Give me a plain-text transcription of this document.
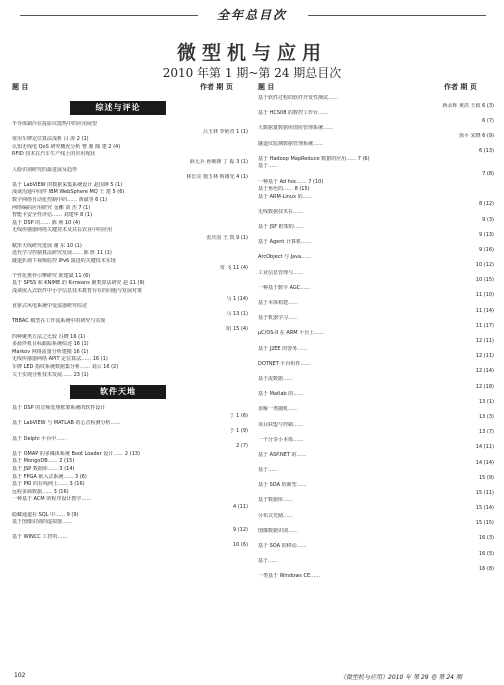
全年总目次
微型机与应用
2010 年第 1 期~第 24 期总目次
题 目	作者 期 页	题 目	作者 期 页
综述与评论
半导体制冷在投影仪散热中的应用展望
吕玉林 李艳青 1 (1)
常用车牌定位算法浅析 吕 涛 2 (1)
认知无线电 QoS 研究概况分析 曹 鼎 陶 建 2 (4)
RFID 技术在汽车生产线上的应用现状
薛元兵 孙砚锋 丁 振 3 (1)
人脸识别研究的最进展及趋势
林长亮 施玉林 蔡雄光 4 (1)
基于 LabVIEW 的数据采集系统设计 赵国锋 5 (1)
浅谈沟通中间件 IBM WebSphere MQ 王 建 5 (6)
数字网络自动化控制中的…… 黄斌等 6 (1)
网络编码应用研究 金鹏 刘 杰 7 (1)
智能卡安全性评估…… 刘建华 8 (1)
基于 DSP 的…… 陈 利 10 (4)
无线传感器网络关键技术及其在农业中的应用
张庆国 王 凯 9 (1)
赋形天线研究进展 谢 东 10 (1)
迭代学习控制算法研究发展…… 陈 胜 11 (1)
隧道扒刻下视频监控 IPv6 演进的关键技术实现
常 飞 11 (4)
个性化推荐引擎研究 欧建斌 11 (6)
基于 SPSS 和 KNIME 的 K-means 聚类算法研究 赵 11 (9)
浅谈嵌入式软件中小学信息技术教育存在的问题与发展对策
马 1 (14)
直驱式风电系统中变流器研究综述
马 13 (1)
TBBAC 模型在工作流系统中的研究与实现
阳 15 (4)
四种聚类方法之比较 冯晓 16 (1)
多源伴机目标跟踪系统综述 16 (1)
Markov 网络流量分析建模 16 (1)
无线传感器网络 APIT 定位算法…… 16 (1)
车牌 LED 指纹系统数据集分析…… 刘云 16 (2)
关于实现分析技术发展…… 23 (1)
软件天地
基于 DSP 的音频处理框架系统的软件设计
丁 1 (6)
基于 LabVIEW 与 MATLAB 的心音检测分析……
于 1 (9)
基于 Delphi 平台中……
2 (7)
基于 OMAP 的多媒体系统 Boot Loader 设计…… 2 (13)
基于 MongoDB…… 2 (15)
基于 JSP 数据库…… 3 (14)
基于 FPGA 嵌入式系统…… 3 (6)
基于 PKI 的在线网上…… 3 (16)
远程多源数据…… 3 (16)
一种基于 ACM 的程序设计教学……
4 (11)
隐藏通道在 SQL 中…… 9 (9)
基于图像识别的虚拟器……
9 (12)
基于 WINCC 工控的……
10 (6)
基于软件过程的软件开发性测试……
蒋永辉 黄洪 王政 6 (3)
基于 HCS08 的数控工作台……
6 (7)
大数据量数据库图库管理系统……
徐平 宋晓 6 (9)
隧道仪监测数据管理系统……
6 (13)
基于 Hadoop MapReduce 数据的应用…… 7 (6)
基于……
7 (8)
一种基于 Ad hoc…… 7 (10)
基于角色的…… 8 (15)
基于 ARM-Linux 的……
8 (12)
无线数据技术在……
9 (3)
基于 JSF 框架的……
9 (13)
基于 Agent 计算机……
9 (16)
ArcObject 与 Java……
10 (12)
工业信息管理与……
10 (15)
一种基于数字 AGC……
11 (10)
基于本体构建……
11 (14)
基于机器学习……
11 (17)
μC/OS-II 在 ARM 平台上……
12 (11)
基于 J2EE 的警务……
12 (11)
DOTNET 平台组件……
12 (14)
基于流数据……
12 (18)
基于 Matlab 的……
13 (1)
求解一类随机……
13 (3)
项目联盟与控制……
13 (7)
一个分享小本体……
14 (11)
基于 ASP.NET 的……
14 (14)
基于……
15 (9)
基于 SOA 的新型……
15 (11)
基于数据库……
15 (14)
分布式光储……
15 (15)
图像数据识别……
16 (3)
基于 SOA 的移动……
16 (5)
基于……
16 (8)
一类基于 Windows CE……
102	《微型机与应用》2010 年 第 29 卷 第 24 期
